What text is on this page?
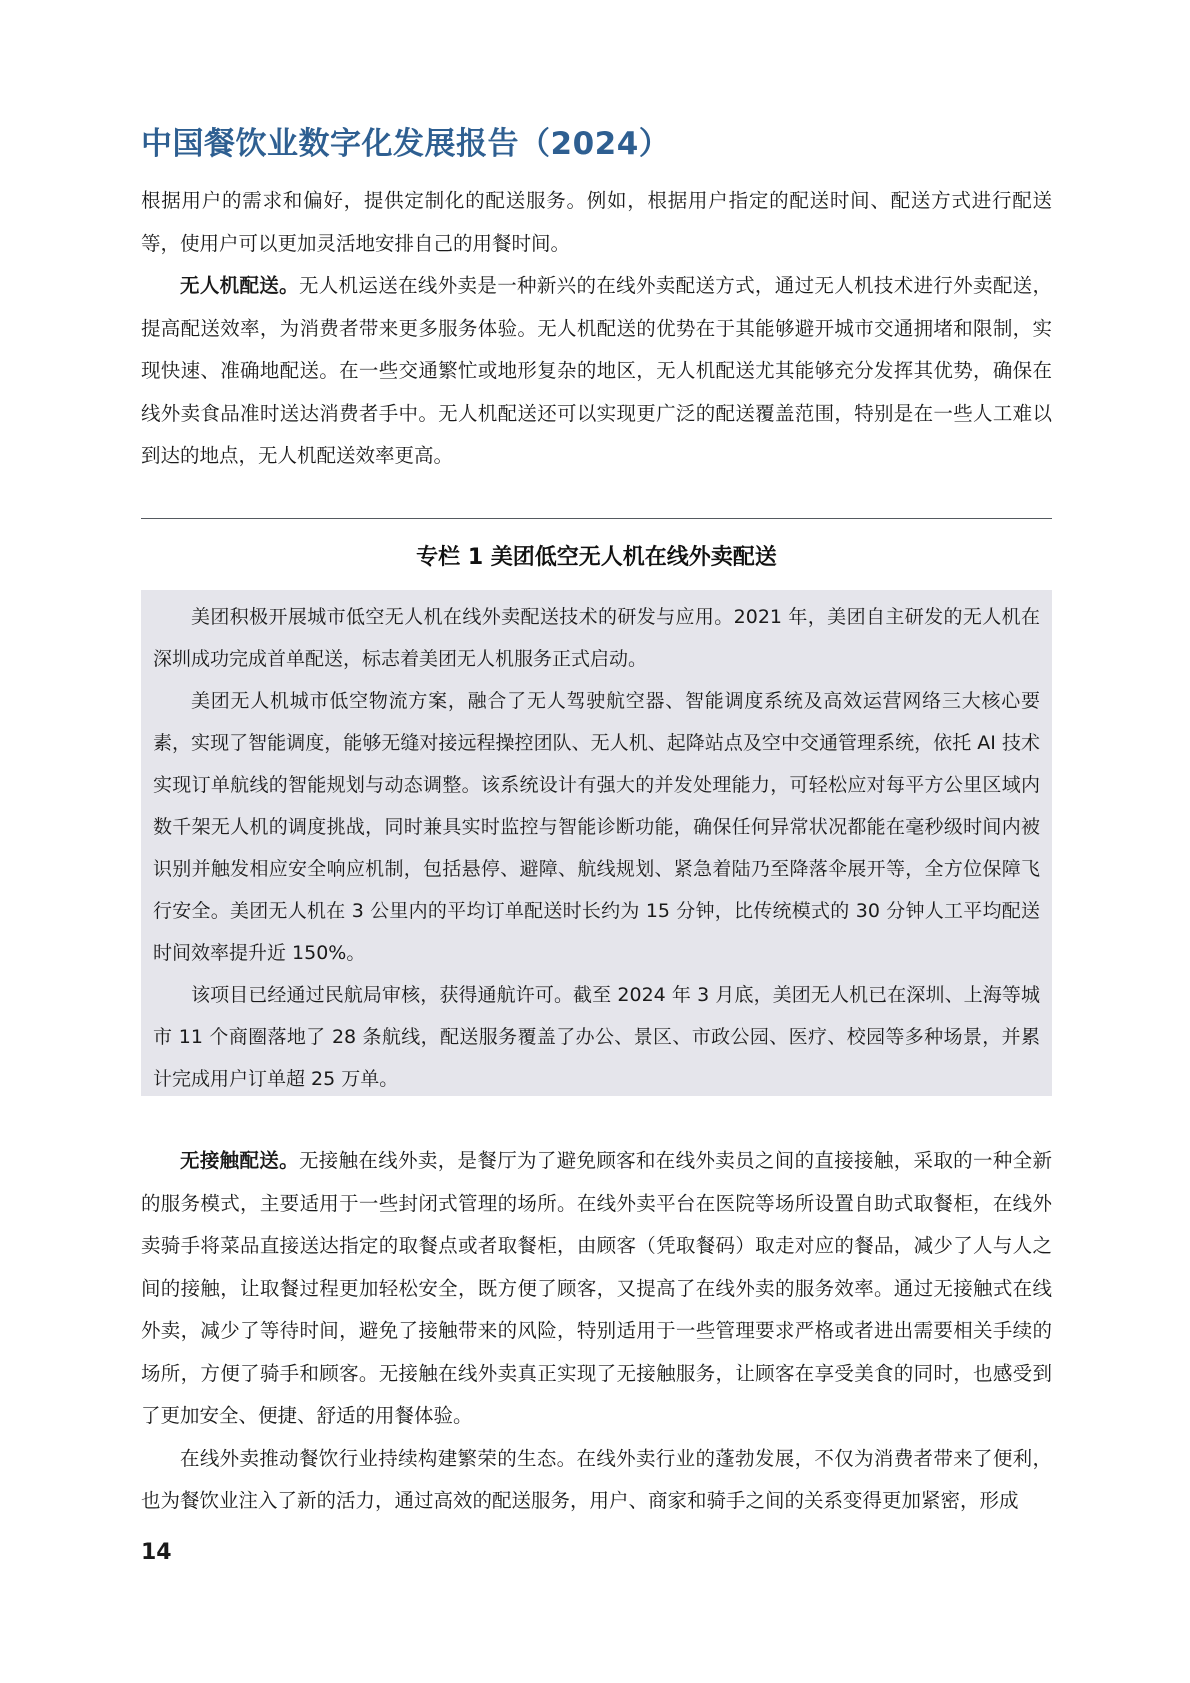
中国餐饮业数字化发展报告（2024）

根据用户的需求和偏好，提供定制化的配送服务。例如，根据用户指定的配送时间、配送方式进行配送等，使用户可以更加灵活地安排自己的用餐时间。

无人机配送。无人机运送在线外卖是一种新兴的在线外卖配送方式，通过无人机技术进行外卖配送，提高配送效率，为消费者带来更多服务体验。无人机配送的优势在于其能够避开城市交通拥堵和限制，实现快速、准确地配送。在一些交通繁忙或地形复杂的地区，无人机配送尤其能够充分发挥其优势，确保在线外卖食品准时送达消费者手中。无人机配送还可以实现更广泛的配送覆盖范围，特别是在一些人工难以到达的地点，无人机配送效率更高。

专栏 1 美团低空无人机在线外卖配送

美团积极开展城市低空无人机在线外卖配送技术的研发与应用。2021 年，美团自主研发的无人机在深圳成功完成首单配送，标志着美团无人机服务正式启动。

美团无人机城市低空物流方案，融合了无人驾驶航空器、智能调度系统及高效运营网络三大核心要素，实现了智能调度，能够无缝对接远程操控团队、无人机、起降站点及空中交通管理系统，依托 AI 技术实现订单航线的智能规划与动态调整。该系统设计有强大的并发处理能力，可轻松应对每平方公里区域内数千架无人机的调度挑战，同时兼具实时监控与智能诊断功能，确保任何异常状况都能在毫秒级时间内被识别并触发相应安全响应机制，包括悬停、避障、航线规划、紧急着陆乃至降落伞展开等，全方位保障飞行安全。美团无人机在 3 公里内的平均订单配送时长约为 15 分钟，比传统模式的 30 分钟人工平均配送时间效率提升近 150%。

该项目已经通过民航局审核，获得通航许可。截至 2024 年 3 月底，美团无人机已在深圳、上海等城市 11 个商圈落地了 28 条航线，配送服务覆盖了办公、景区、市政公园、医疗、校园等多种场景，并累计完成用户订单超 25 万单。

无接触配送。无接触在线外卖，是餐厅为了避免顾客和在线外卖员之间的直接接触，采取的一种全新的服务模式，主要适用于一些封闭式管理的场所。在线外卖平台在医院等场所设置自助式取餐柜，在线外卖骑手将菜品直接送达指定的取餐点或者取餐柜，由顾客（凭取餐码）取走对应的餐品，减少了人与人之间的接触，让取餐过程更加轻松安全，既方便了顾客，又提高了在线外卖的服务效率。通过无接触式在线外卖，减少了等待时间，避免了接触带来的风险，特别适用于一些管理要求严格或者进出需要相关手续的场所，方便了骑手和顾客。无接触在线外卖真正实现了无接触服务，让顾客在享受美食的同时，也感受到了更加安全、便捷、舒适的用餐体验。

在线外卖推动餐饮行业持续构建繁荣的生态。在线外卖行业的蓬勃发展，不仅为消费者带来了便利，也为餐饮业注入了新的活力，通过高效的配送服务，用户、商家和骑手之间的关系变得更加紧密，形成

14
